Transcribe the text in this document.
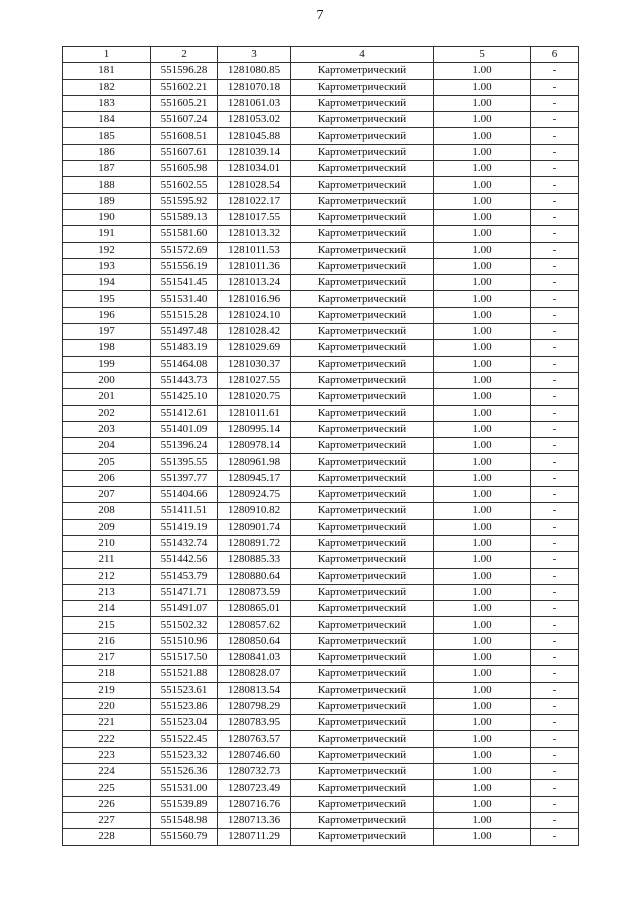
7
1	2	3	4	5	6
181	551596.28	1281080.85	Картометрический	1.00	-
182	551602.21	1281070.18	Картометрический	1.00	-
183	551605.21	1281061.03	Картометрический	1.00	-
184	551607.24	1281053.02	Картометрический	1.00	-
185	551608.51	1281045.88	Картометрический	1.00	-
186	551607.61	1281039.14	Картометрический	1.00	-
187	551605.98	1281034.01	Картометрический	1.00	-
188	551602.55	1281028.54	Картометрический	1.00	-
189	551595.92	1281022.17	Картометрический	1.00	-
190	551589.13	1281017.55	Картометрический	1.00	-
191	551581.60	1281013.32	Картометрический	1.00	-
192	551572.69	1281011.53	Картометрический	1.00	-
193	551556.19	1281011.36	Картометрический	1.00	-
194	551541.45	1281013.24	Картометрический	1.00	-
195	551531.40	1281016.96	Картометрический	1.00	-
196	551515.28	1281024.10	Картометрический	1.00	-
197	551497.48	1281028.42	Картометрический	1.00	-
198	551483.19	1281029.69	Картометрический	1.00	-
199	551464.08	1281030.37	Картометрический	1.00	-
200	551443.73	1281027.55	Картометрический	1.00	-
201	551425.10	1281020.75	Картометрический	1.00	-
202	551412.61	1281011.61	Картометрический	1.00	-
203	551401.09	1280995.14	Картометрический	1.00	-
204	551396.24	1280978.14	Картометрический	1.00	-
205	551395.55	1280961.98	Картометрический	1.00	-
206	551397.77	1280945.17	Картометрический	1.00	-
207	551404.66	1280924.75	Картометрический	1.00	-
208	551411.51	1280910.82	Картометрический	1.00	-
209	551419.19	1280901.74	Картометрический	1.00	-
210	551432.74	1280891.72	Картометрический	1.00	-
211	551442.56	1280885.33	Картометрический	1.00	-
212	551453.79	1280880.64	Картометрический	1.00	-
213	551471.71	1280873.59	Картометрический	1.00	-
214	551491.07	1280865.01	Картометрический	1.00	-
215	551502.32	1280857.62	Картометрический	1.00	-
216	551510.96	1280850.64	Картометрический	1.00	-
217	551517.50	1280841.03	Картометрический	1.00	-
218	551521.88	1280828.07	Картометрический	1.00	-
219	551523.61	1280813.54	Картометрический	1.00	-
220	551523.86	1280798.29	Картометрический	1.00	-
221	551523.04	1280783.95	Картометрический	1.00	-
222	551522.45	1280763.57	Картометрический	1.00	-
223	551523.32	1280746.60	Картометрический	1.00	-
224	551526.36	1280732.73	Картометрический	1.00	-
225	551531.00	1280723.49	Картометрический	1.00	-
226	551539.89	1280716.76	Картометрический	1.00	-
227	551548.98	1280713.36	Картометрический	1.00	-
228	551560.79	1280711.29	Картометрический	1.00	-
